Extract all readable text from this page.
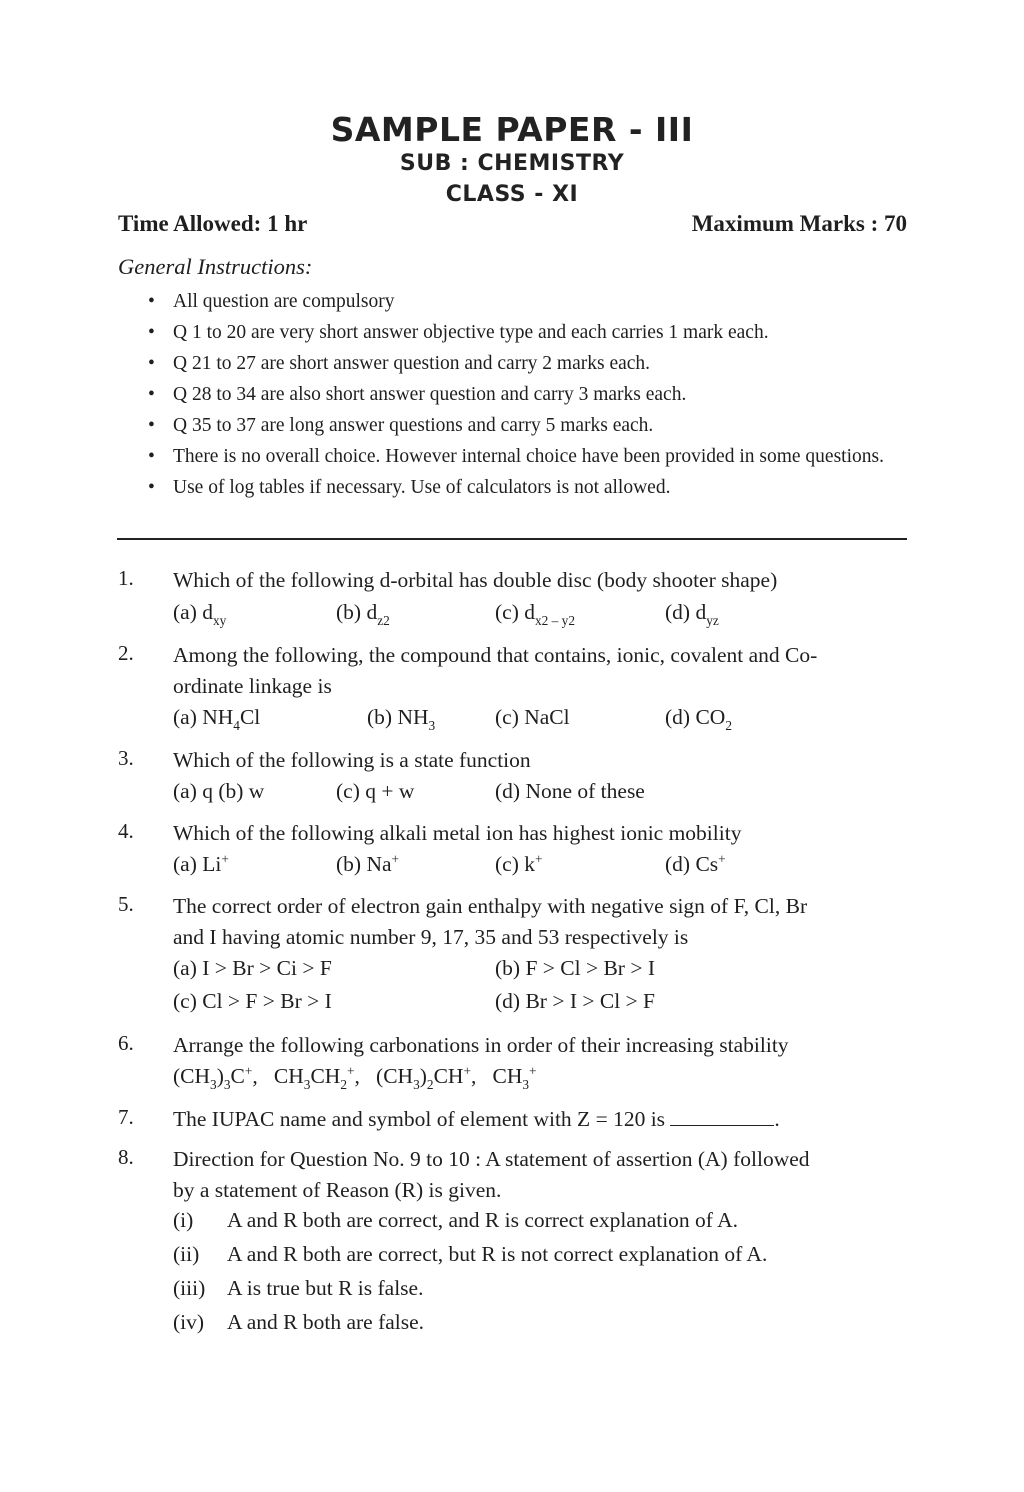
SAMPLE PAPER - III
SUB : CHEMISTRY
CLASS - XI
Time Allowed: 1 hr	Maximum Marks : 70
General Instructions:
• All question are compulsory
• Q 1 to 20 are very short answer objective type and each carries 1 mark each.
• Q 21 to 27 are short answer question and carry 2 marks each.
• Q 28 to 34 are also short answer question and carry 3 marks each.
• Q 35 to 37 are long answer questions and carry 5 marks each.
• There is no overall choice. However internal choice have been provided in some questions.
• Use of log tables if necessary. Use of calculators is not allowed.
1. Which of the following d-orbital has double disc (body shooter shape)
(a) $d_{xy}$	(b) $d_{z2}$	(c) $d_{x2 - y2}$	(d) $d_{yz}$
2. Among the following, the compound that contains, ionic, covalent and Co-
ordinate linkage is
(a) $NH_4Cl$	(b) $NH_3$	(c) NaCl	(d) $CO_2$
3. Which of the following is a state function
(a) q (b) w	(c) q + w	(d) None of these
4. Which of the following alkali metal ion has highest ionic mobility
(a) Li+	(b) Na+	(c) k+	(d) Cs+
5. The correct order of electron gain enthalpy with negative sign of F, Cl, Br
and I having atomic number 9, 17, 35 and 53 respectively is
(a) I > Br > Ci > F	(b) F > Cl > Br > I
(c) Cl > F > Br > I	(d) Br > I > Cl > F
6. Arrange the following carbonations in order of their increasing stability
$(CH_3)_3C^+$, $CH_3CH_2^+$, $(CH_3)_2CH^+$, $CH_3^+$
7. The IUPAC name and symbol of element with Z = 120 is	.
8. Direction for Question No. 9 to 10 : A statement of assertion (A) followed
by a statement of Reason (R) is given.
(i) A and R both are correct, and R is correct explanation of A.
(ii) A and R both are correct, but R is not correct explanation of A.
(iii) A is true but R is false.
(iv) A and R both are false.
